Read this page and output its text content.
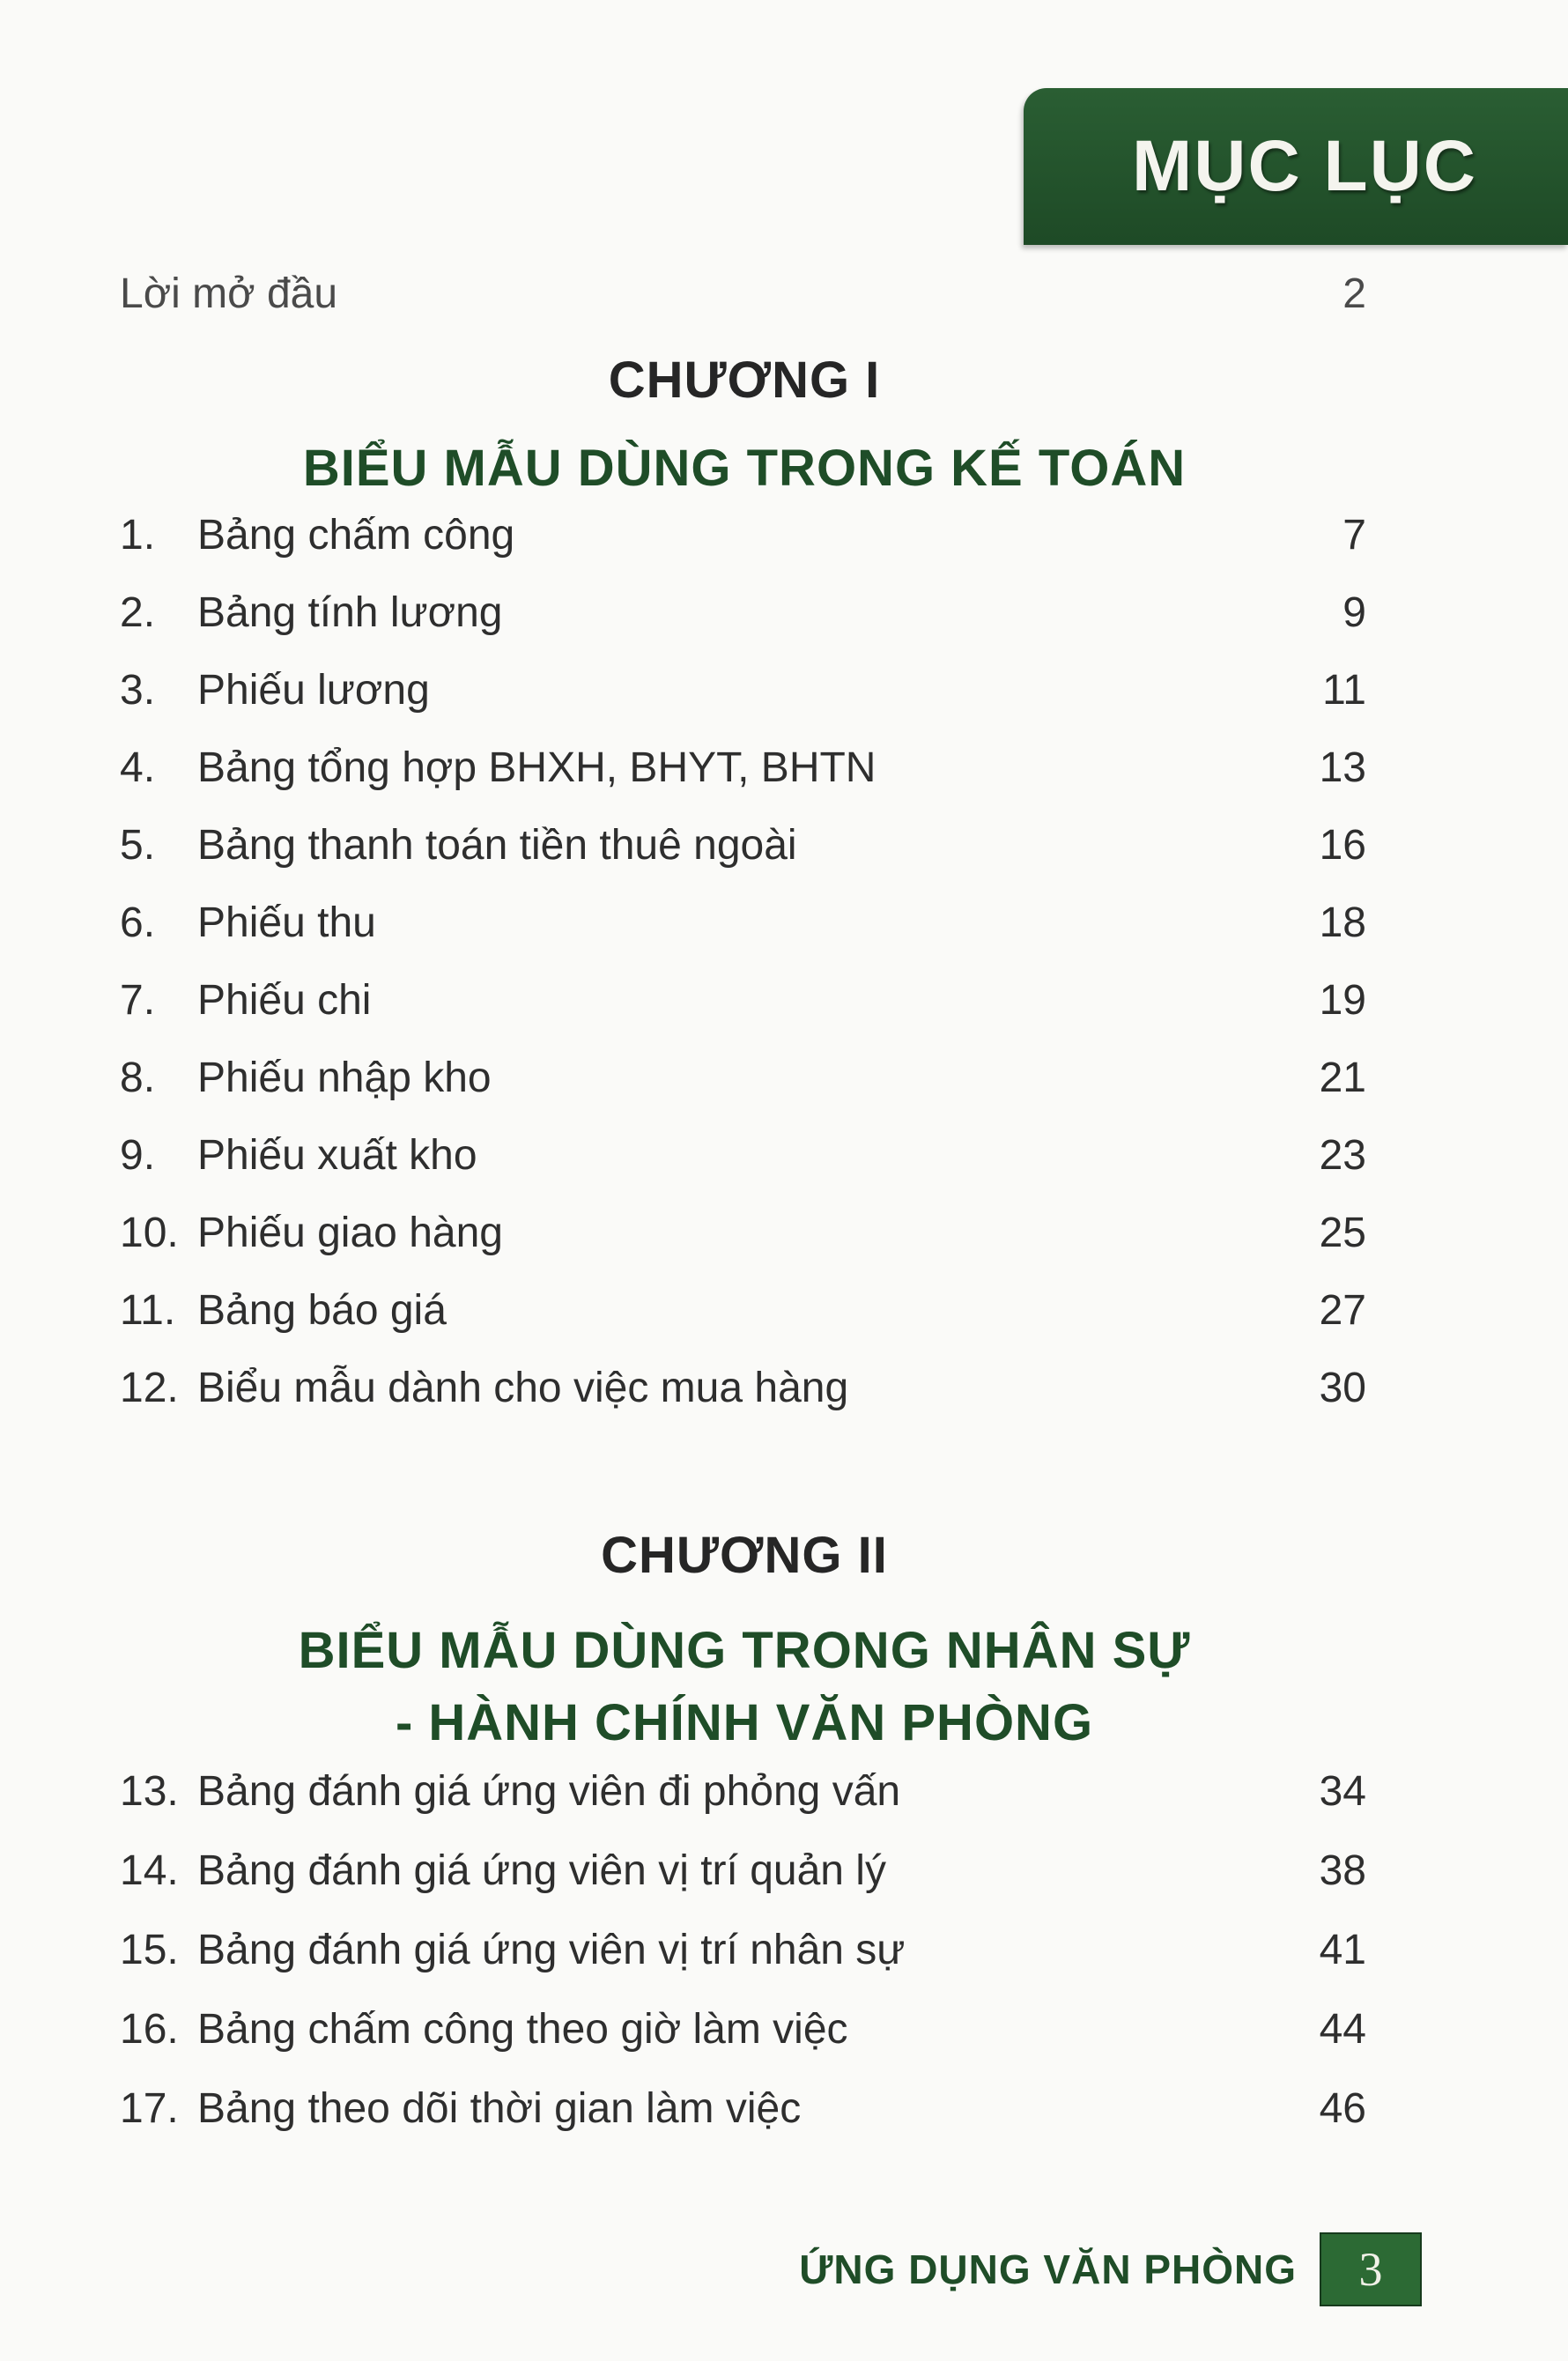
MỤC LỤC
Lời mở đầu	2
CHƯƠNG I
BIỂU MẪU DÙNG TRONG KẾ TOÁN
1. Bảng chấm công	7
2. Bảng tính lương	9
3. Phiếu lương	11
4. Bảng tổng hợp BHXH, BHYT, BHTN	13
5. Bảng thanh toán tiền thuê ngoài	16
6. Phiếu thu	18
7. Phiếu chi	19
8. Phiếu nhập kho	21
9. Phiếu xuất kho	23
10. Phiếu giao hàng	25
11. Bảng báo giá	27
12. Biểu mẫu dành cho việc mua hàng	30
CHƯƠNG II
BIỂU MẪU DÙNG TRONG NHÂN SỰ
- HÀNH CHÍNH VĂN PHÒNG
13. Bảng đánh giá ứng viên đi phỏng vấn	34
14. Bảng đánh giá ứng viên vị trí quản lý	38
15. Bảng đánh giá ứng viên vị trí nhân sự	41
16. Bảng chấm công theo giờ làm việc	44
17. Bảng theo dõi thời gian làm việc	46
ỨNG DỤNG VĂN PHÒNG	3
